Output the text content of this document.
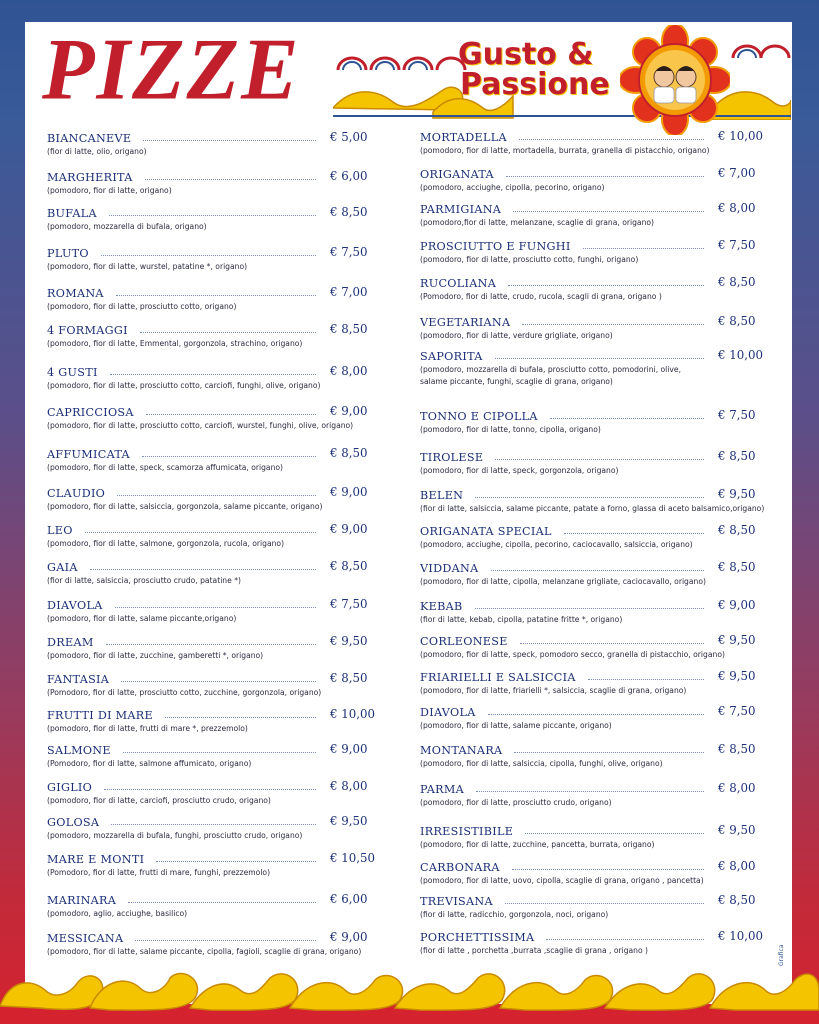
PIZZE	Gusto &
Passione
BIANCANEVE	€ 5,00
(fior di latte, olio, origano)
MARGHERITA	€ 6,00
(pomodoro, fior di latte, origano)
BUFALA	€ 8,50
(pomodoro, mozzarella di bufala, origano)
PLUTO	€ 7,50
(pomodoro, fior di latte, wurstel, patatine *, origano)
ROMANA	€ 7,00
(pomodoro, fior di latte, prosciutto cotto, origano)
4 FORMAGGI	€ 8,50
(pomodoro, fior di latte, Emmental, gorgonzola, strachino, origano)
4 GUSTI	€ 8,00
(pomodoro, fior di latte, prosciutto cotto, carciofi, funghi, olive, origano)
CAPRICCIOSA	€ 9,00
(pomodoro, fior di latte, prosciutto cotto, carciofi, wurstel, funghi, olive, origano)
AFFUMICATA	€ 8,50
(pomodoro, fior di latte, speck, scamorza affumicata, origano)
CLAUDIO	€ 9,00
(pomodoro, fior di latte, salsiccia, gorgonzola, salame piccante, origano)
LEO	€ 9,00
(pomodoro, fior di latte, salmone, gorgonzola, rucola, origano)
GAIA	€ 8,50
(fior di latte, salsiccia, prosciutto crudo, patatine *)
DIAVOLA	€ 7,50
(pomodoro, fior di latte, salame piccante,origano)
DREAM	€ 9,50
(pomodoro, fior di latte, zucchine, gamberetti *, origano)
FANTASIA	€ 8,50
(Pomodoro, fior di latte, prosciutto cotto, zucchine, gorgonzola, origano)
FRUTTI DI MARE	€ 10,00
(pomodoro, fior di latte, frutti di mare *, prezzemolo)
SALMONE	€ 9,00
(Pomodoro, fior di latte, salmone affumicato, origano)
GIGLIO	€ 8,00
(pomodoro, fior di latte, carciofi, prosciutto crudo, origano)
GOLOSA	€ 9,50
(pomodoro, mozzarella di bufala, funghi, prosciutto crudo, origano)
MARE E MONTI	€ 10,50
(Pomodoro, fior di latte, frutti di mare, funghi, prezzemolo)
MARINARA	€ 6,00
(pomodoro, aglio, acciughe, basilico)
MESSICANA	€ 9,00
(pomodoro, fior di latte, salame piccante, cipolla, fagioli, scaglie di grana, origano)
MORTADELLA	€ 10,00
(pomodoro, fior di latte, mortadella, burrata, granella di pistacchio, origano)
ORIGANATA	€ 7,00
(pomodoro, acciughe, cipolla, pecorino, origano)
PARMIGIANA	€ 8,00
(pomodoro,fior di latte, melanzane, scaglie di grana, origano)
PROSCIUTTO E FUNGHI	€ 7,50
(pomodoro, fior di latte, prosciutto cotto, funghi, origano)
RUCOLIANA	€ 8,50
(Pomodoro, fior di latte, crudo, rucola, scagli di grana, origano )
VEGETARIANA	€ 8,50
(pomodoro, fior di latte, verdure grigliate, origano)
SAPORITA	€ 10,00
(pomodoro, mozzarella di bufala, prosciutto cotto, pomodorini, olive,
salame piccante, funghi, scaglie di grana, origano)
TONNO E CIPOLLA	€ 7,50
(pomodoro, fior di latte, tonno, cipolla, origano)
TIROLESE	€ 8,50
(pomodoro, fior di latte, speck, gorgonzola, origano)
BELEN	€ 9,50
(fior di latte, salsiccia, salame piccante, patate a forno, glassa di aceto balsamico,origano)
ORIGANATA SPECIAL	€ 8,50
(pomodoro, acciughe, cipolla, pecorino, caciocavallo, salsiccia, origano)
VIDDANA	€ 8,50
(pomodoro, fior di latte, cipolla, melanzane grigliate, caciocavallo, origano)
KEBAB	€ 9,00
(fior di latte, kebab, cipolla, patatine fritte *, origano)
CORLEONESE	€ 9,50
(pomodoro, fior di latte, speck, pomodoro secco, granella di pistacchio, origano)
FRIARIELLI E SALSICCIA	€ 9,50
(pomodoro, fior di latte, friarielli *, salsiccia, scaglie di grana, origano)
DIAVOLA	€ 7,50
(pomodoro, fior di latte, salame piccante, origano)
MONTANARA	€ 8,50
(pomodoro, fior di latte, salsiccia, cipolla, funghi, olive, origano)
PARMA	€ 8,00
(pomodoro, fior di latte, prosciutto crudo, origano)
IRRESISTIBILE	€ 9,50
(pomodoro, fior di latte, zucchine, pancetta, burrata, origano)
CARBONARA	€ 8,00
(pomodoro, fior di latte, uovo, cipolla, scaglie di grana, origano , pancetta)
TREVISANA	€ 8,50
(fior di latte, radicchio, gorgonzola, noci, origano)
PORCHETTISSIMA	€ 10,00
(fior di latte , porchetta ,burrata ,scaglie di grana , origano )	Grafica
